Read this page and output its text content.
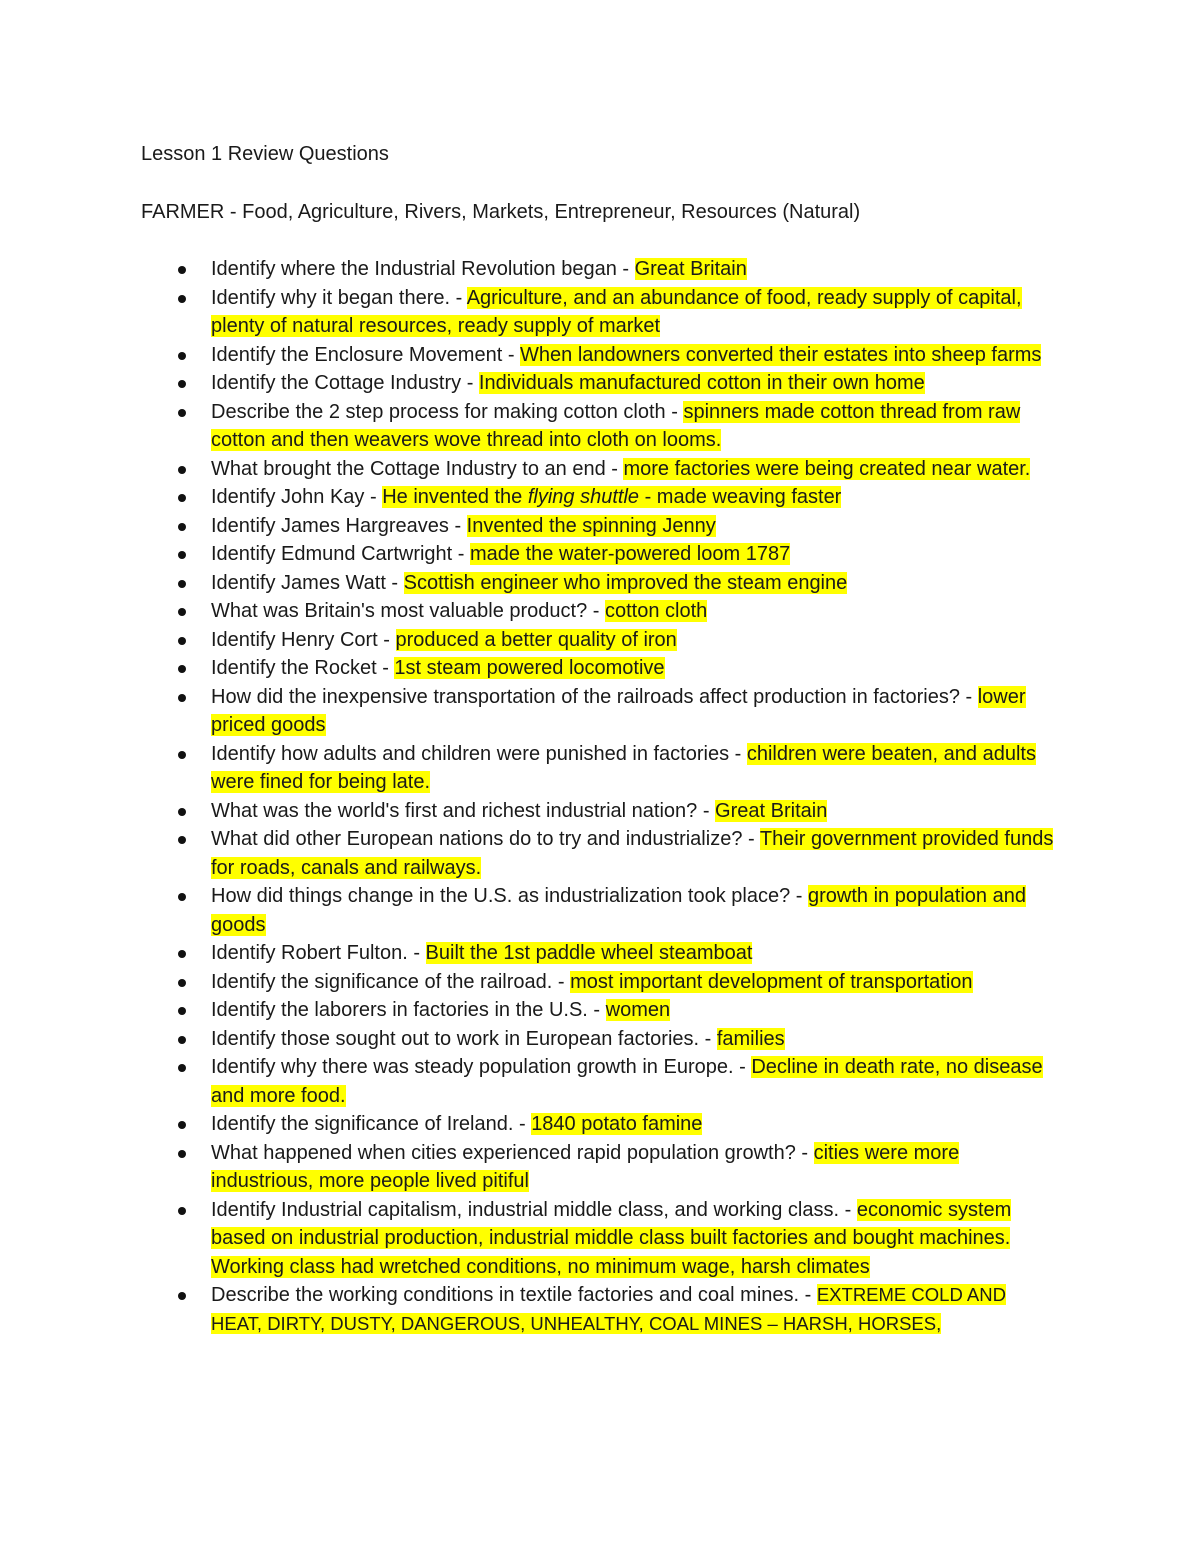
Lesson 1 Review Questions

FARMER - Food, Agriculture, Rivers, Markets, Entrepreneur, Resources (Natural)

Identify where the Industrial Revolution began - Great Britain
Identify why it began there. - Agriculture, and an abundance of food, ready supply of capital, plenty of natural resources, ready supply of market
Identify the Enclosure Movement - When landowners converted their estates into sheep farms
Identify the Cottage Industry - Individuals manufactured cotton in their own home
Describe the 2 step process for making cotton cloth - spinners made cotton thread from raw cotton and then weavers wove thread into cloth on looms.
What brought the Cottage Industry to an end - more factories were being created near water.
Identify John Kay - He invented the flying shuttle - made weaving faster
Identify James Hargreaves - Invented the spinning Jenny
Identify Edmund Cartwright - made the water-powered loom 1787
Identify James Watt - Scottish engineer who improved the steam engine
What was Britain's most valuable product? - cotton cloth
Identify Henry Cort - produced a better quality of iron
Identify the Rocket - 1st steam powered locomotive
How did the inexpensive transportation of the railroads affect production in factories? - lower priced goods
Identify how adults and children were punished in factories - children were beaten, and adults were fined for being late.
What was the world's first and richest industrial nation? - Great Britain
What did other European nations do to try and industrialize? - Their government provided funds for roads, canals and railways.
How did things change in the U.S. as industrialization took place? - growth in population and goods
Identify Robert Fulton. - Built the 1st paddle wheel steamboat
Identify the significance of the railroad. - most important development of transportation
Identify the laborers in factories in the U.S. - women
Identify those sought out to work in European factories. - families
Identify why there was steady population growth in Europe. - Decline in death rate, no disease and more food.
Identify the significance of Ireland. - 1840 potato famine
What happened when cities experienced rapid population growth? - cities were more industrious, more people lived pitiful
Identify Industrial capitalism, industrial middle class, and working class. - economic system based on industrial production, industrial middle class built factories and bought machines. Working class had wretched conditions, no minimum wage, harsh climates
Describe the working conditions in textile factories and coal mines. - EXTREME COLD AND HEAT, DIRTY, DUSTY, DANGEROUS, UNHEALTHY, COAL MINES – HARSH, HORSES,
